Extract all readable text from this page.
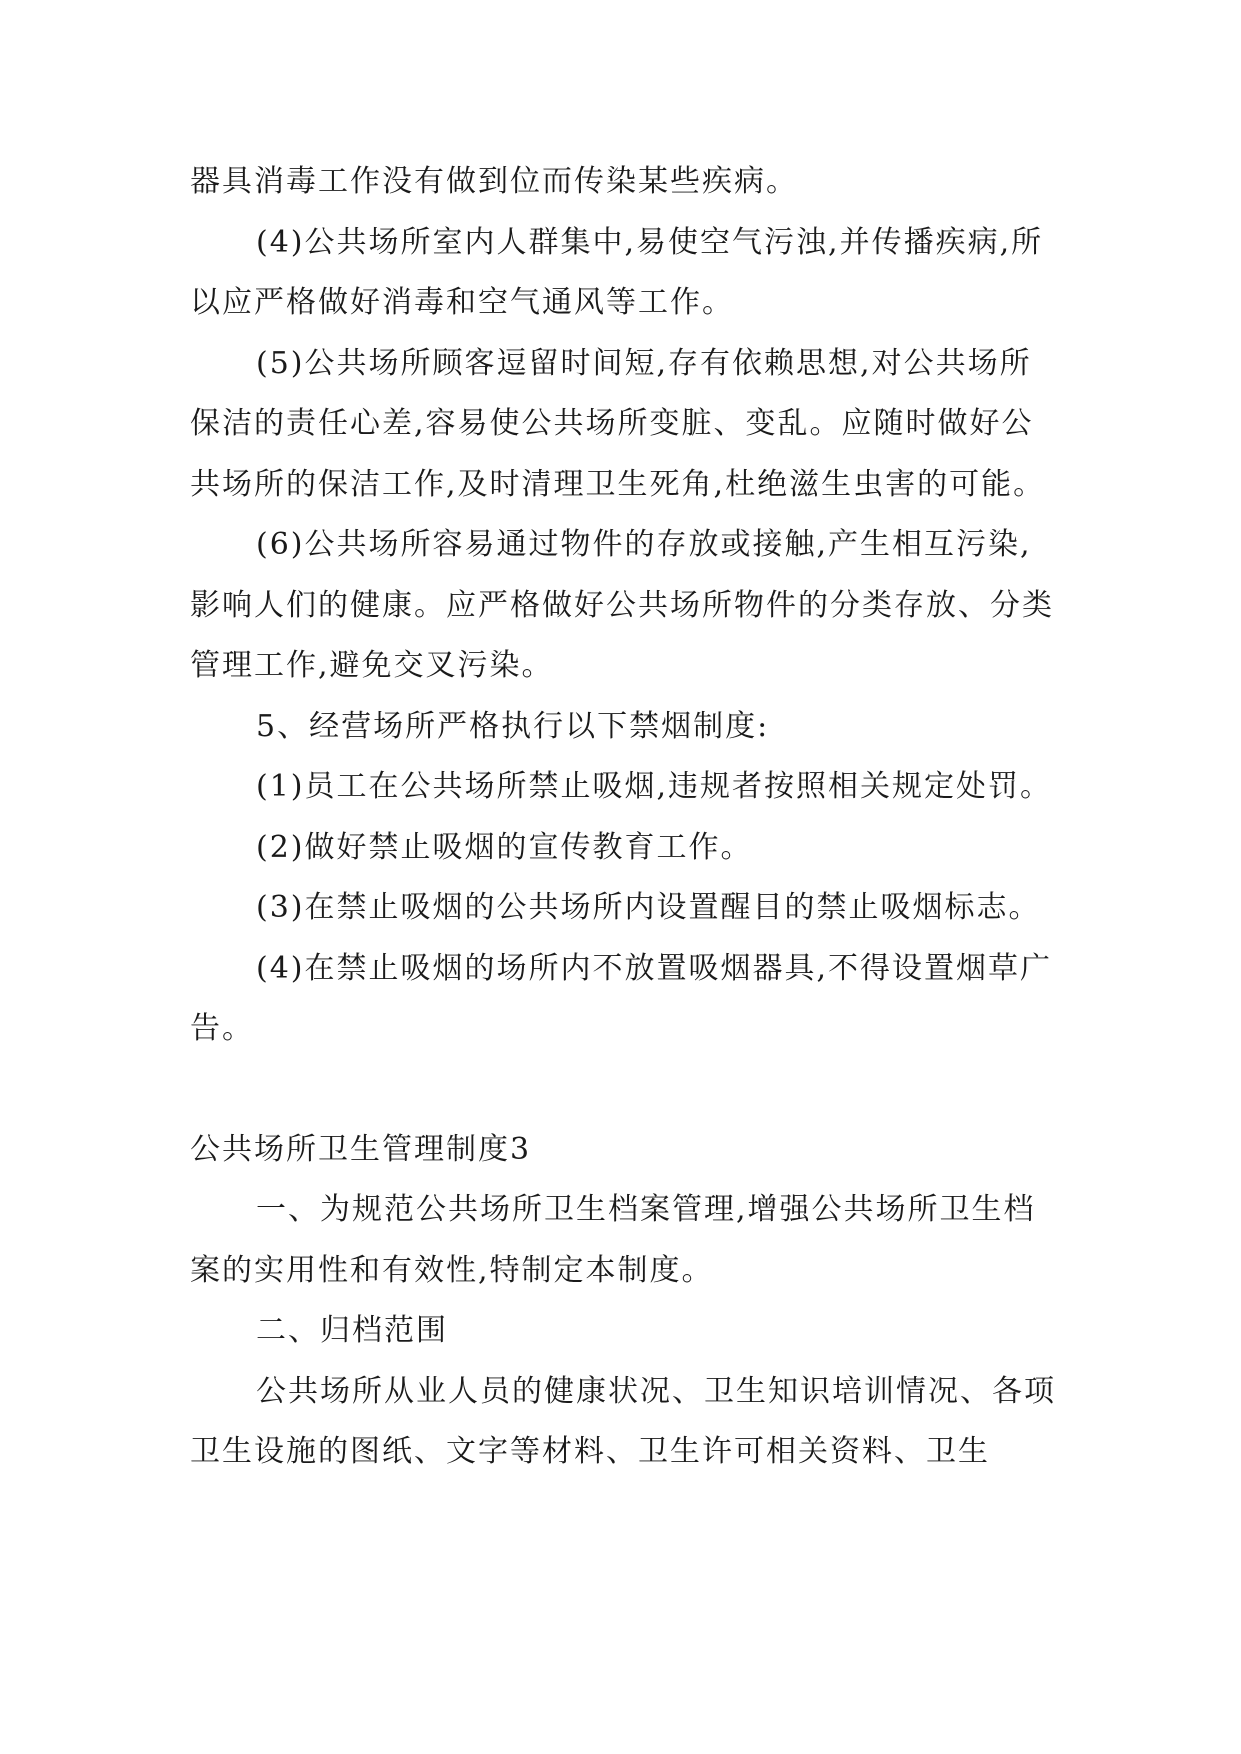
器具消毒工作没有做到位而传染某些疾病。

(4)公共场所室内人群集中,易使空气污浊,并传播疾病,所以应严格做好消毒和空气通风等工作。

(5)公共场所顾客逗留时间短,存有依赖思想,对公共场所保洁的责任心差,容易使公共场所变脏、变乱。应随时做好公共场所的保洁工作,及时清理卫生死角,杜绝滋生虫害的可能。

(6)公共场所容易通过物件的存放或接触,产生相互污染,影响人们的健康。应严格做好公共场所物件的分类存放、分类管理工作,避免交叉污染。

5、经营场所严格执行以下禁烟制度:

(1)员工在公共场所禁止吸烟,违规者按照相关规定处罚。

(2)做好禁止吸烟的宣传教育工作。

(3)在禁止吸烟的公共场所内设置醒目的禁止吸烟标志。

(4)在禁止吸烟的场所内不放置吸烟器具,不得设置烟草广告。

公共场所卫生管理制度3

一、为规范公共场所卫生档案管理,增强公共场所卫生档案的实用性和有效性,特制定本制度。

二、归档范围

公共场所从业人员的健康状况、卫生知识培训情况、各项卫生设施的图纸、文字等材料、卫生许可相关资料、卫生
